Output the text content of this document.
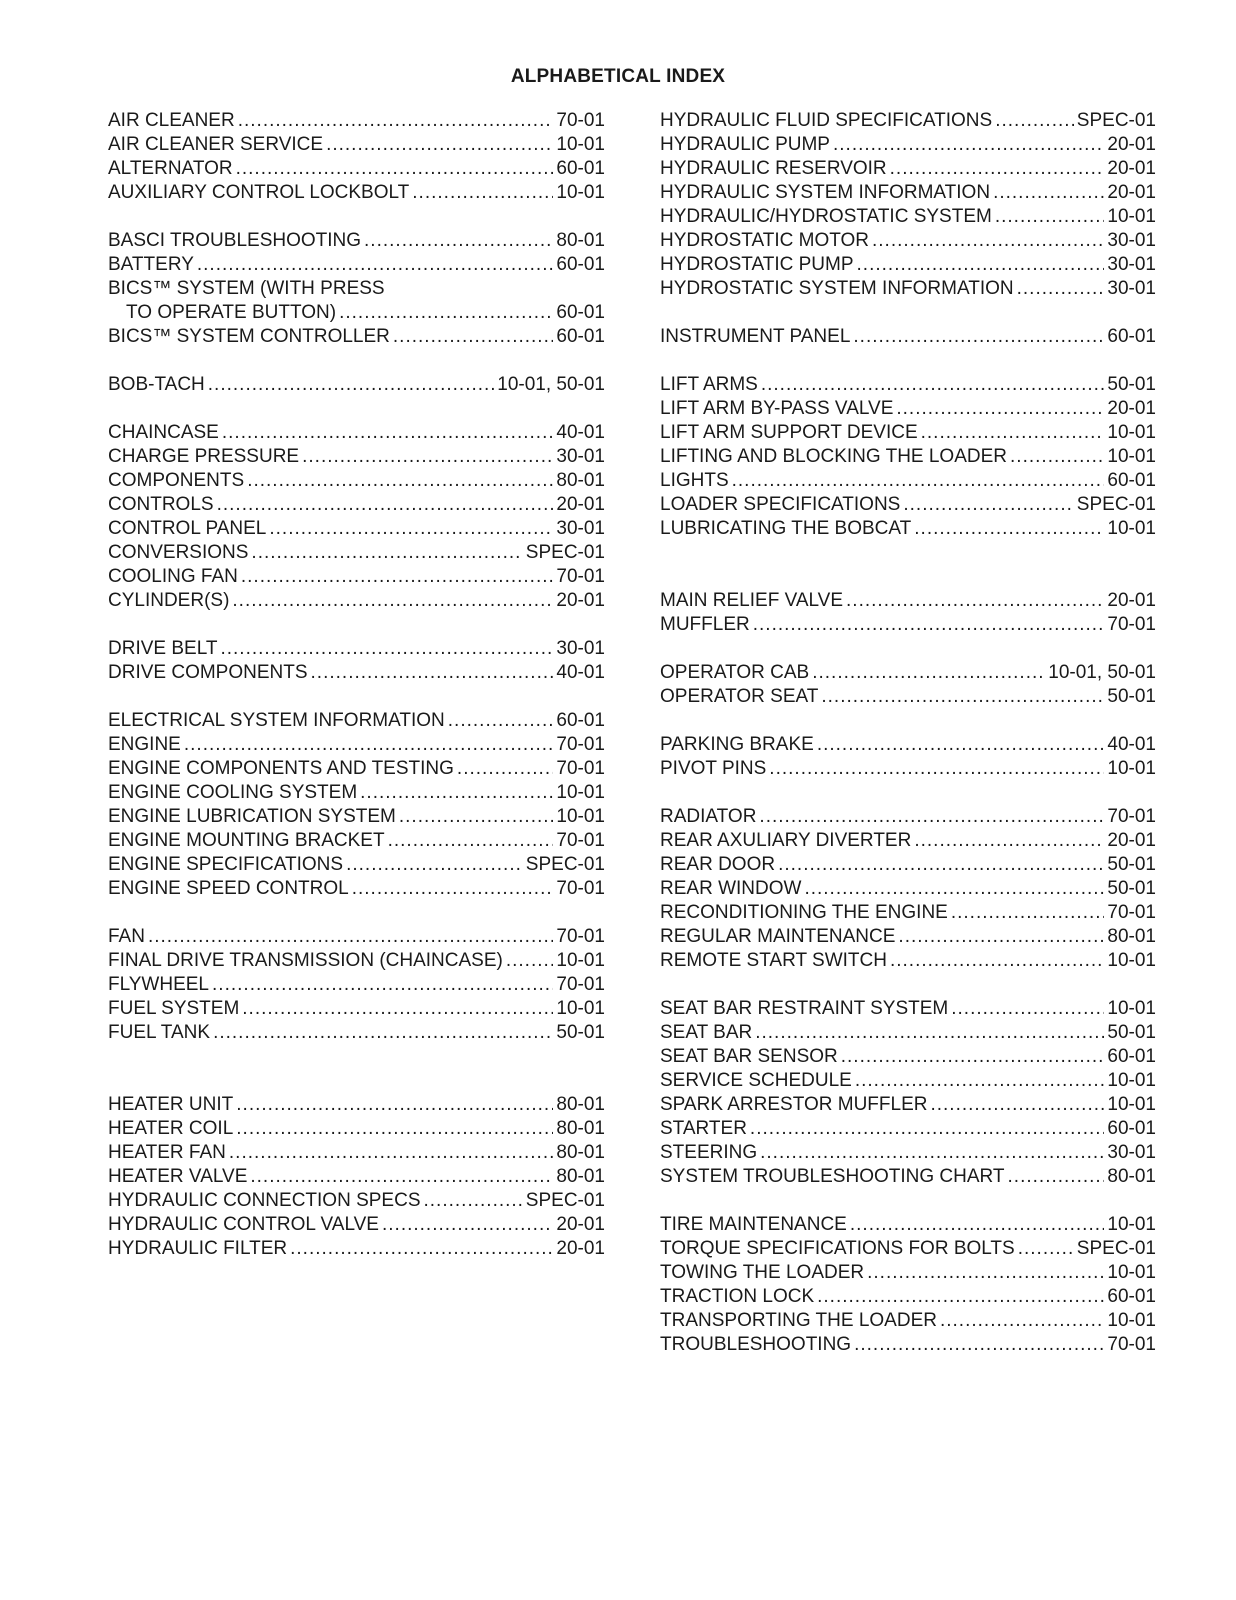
ALPHABETICAL INDEX
AIR CLEANER .....	70-01
AIR CLEANER SERVICE .....	10-01
ALTERNATOR .....	60-01
AUXILIARY CONTROL LOCKBOLT .....	10-01
BASCI TROUBLESHOOTING .....	80-01
BATTERY .....	60-01
BICS™ SYSTEM (WITH PRESS
TO OPERATE BUTTON) .....	60-01
BICS™ SYSTEM CONTROLLER .....	60-01
BOB-TACH .....	10-01, 50-01
CHAINCASE .....	40-01
CHARGE PRESSURE .....	30-01
COMPONENTS .....	80-01
CONTROLS .....	20-01
CONTROL PANEL .....	30-01
CONVERSIONS .....	SPEC-01
COOLING FAN .....	70-01
CYLINDER(S) .....	20-01
DRIVE BELT .....	30-01
DRIVE COMPONENTS .....	40-01
ELECTRICAL SYSTEM INFORMATION .....	60-01
ENGINE .....	70-01
ENGINE COMPONENTS AND TESTING .....	70-01
ENGINE COOLING SYSTEM .....	10-01
ENGINE LUBRICATION SYSTEM .....	10-01
ENGINE MOUNTING BRACKET .....	70-01
ENGINE SPECIFICATIONS .....	SPEC-01
ENGINE SPEED CONTROL .....	70-01
FAN .....	70-01
FINAL DRIVE TRANSMISSION (CHAINCASE) .....	10-01
FLYWHEEL .....	70-01
FUEL SYSTEM .....	10-01
FUEL TANK .....	50-01
HEATER UNIT .....	80-01
HEATER COIL .....	80-01
HEATER FAN .....	80-01
HEATER VALVE .....	80-01
HYDRAULIC CONNECTION SPECS .....	SPEC-01
HYDRAULIC CONTROL VALVE .....	20-01
HYDRAULIC FILTER .....	20-01
HYDRAULIC FLUID SPECIFICATIONS .....	SPEC-01
HYDRAULIC PUMP .....	20-01
HYDRAULIC RESERVOIR .....	20-01
HYDRAULIC SYSTEM INFORMATION .....	20-01
HYDRAULIC/HYDROSTATIC SYSTEM .....	10-01
HYDROSTATIC MOTOR .....	30-01
HYDROSTATIC PUMP .....	30-01
HYDROSTATIC SYSTEM INFORMATION .....	30-01
INSTRUMENT PANEL .....	60-01
LIFT ARMS .....	50-01
LIFT ARM BY-PASS VALVE .....	20-01
LIFT ARM SUPPORT DEVICE .....	10-01
LIFTING AND BLOCKING THE LOADER .....	10-01
LIGHTS .....	60-01
LOADER SPECIFICATIONS .....	SPEC-01
LUBRICATING THE BOBCAT .....	10-01
MAIN RELIEF VALVE .....	20-01
MUFFLER .....	70-01
OPERATOR CAB .....	10-01, 50-01
OPERATOR SEAT .....	50-01
PARKING BRAKE .....	40-01
PIVOT PINS .....	10-01
RADIATOR .....	70-01
REAR AXULIARY DIVERTER .....	20-01
REAR DOOR .....	50-01
REAR WINDOW .....	50-01
RECONDITIONING THE ENGINE .....	70-01
REGULAR MAINTENANCE .....	80-01
REMOTE START SWITCH .....	10-01
SEAT BAR RESTRAINT SYSTEM .....	10-01
SEAT BAR .....	50-01
SEAT BAR SENSOR .....	60-01
SERVICE SCHEDULE .....	10-01
SPARK ARRESTOR MUFFLER .....	10-01
STARTER .....	60-01
STEERING .....	30-01
SYSTEM TROUBLESHOOTING CHART .....	80-01
TIRE MAINTENANCE .....	10-01
TORQUE SPECIFICATIONS FOR BOLTS .....	SPEC-01
TOWING THE LOADER .....	10-01
TRACTION LOCK .....	60-01
TRANSPORTING THE LOADER .....	10-01
TROUBLESHOOTING .....	70-01
